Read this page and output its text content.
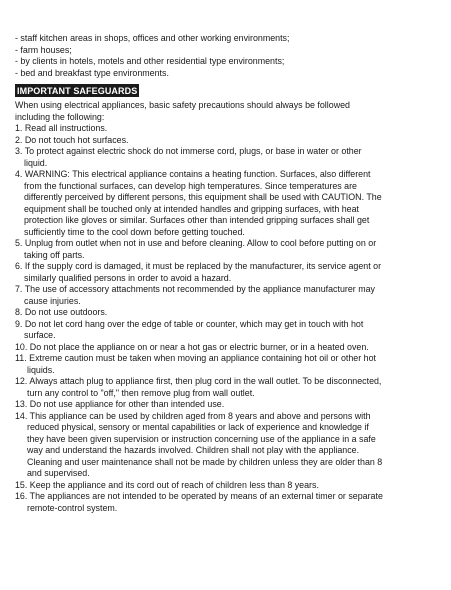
- staff kitchen areas in shops, offices and other working environments;
- farm houses;
- by clients in hotels, motels and other residential type environments;
- bed and breakfast type environments.
IMPORTANT SAFEGUARDS
When using electrical appliances, basic safety precautions should always be followed
including the following:
1. Read all instructions.
2. Do not touch hot surfaces.
3. To protect against electric shock do not immerse cord, plugs, or base in water or other
liquid.
4. WARNING: This electrical appliance contains a heating function. Surfaces, also different
from the functional surfaces, can develop high temperatures. Since temperatures are
differently perceived by different persons, this equipment shall be used with CAUTION. The
equipment shall be touched only at intended handles and gripping surfaces, with heat
protection like gloves or similar. Surfaces other than intended gripping surfaces shall get
sufficiently time to the cool down before getting touched.
5. Unplug from outlet when not in use and before cleaning. Allow to cool before putting on or
taking off parts.
6. If the supply cord is damaged, it must be replaced by the manufacturer, its service agent or
similarly qualified persons in order to avoid a hazard.
7. The use of accessory attachments not recommended by the appliance manufacturer may
cause injuries.
8. Do not use outdoors.
9. Do not let cord hang over the edge of table or counter, which may get in touch with hot
surface.
10. Do not place the appliance on or near a hot gas or electric burner, or in a heated oven.
11. Extreme caution must be taken when moving an appliance containing hot oil or other hot
liquids.
12. Always attach plug to appliance first, then plug cord in the wall outlet. To be disconnected,
turn any control to "off," then remove plug from wall outlet.
13. Do not use appliance for other than intended use.
14. This appliance can be used by children aged from 8 years and above and persons with
reduced physical, sensory or mental capabilities or lack of experience and knowledge if
they have been given supervision or instruction concerning use of the appliance in a safe
way and understand the hazards involved. Children shall not play with the appliance.
Cleaning and user maintenance shall not be made by children unless they are older than 8
and supervised.
15. Keep the appliance and its cord out of reach of children less than 8 years.
16. The appliances are not intended to be operated by means of an external timer or separate
remote-control system.
